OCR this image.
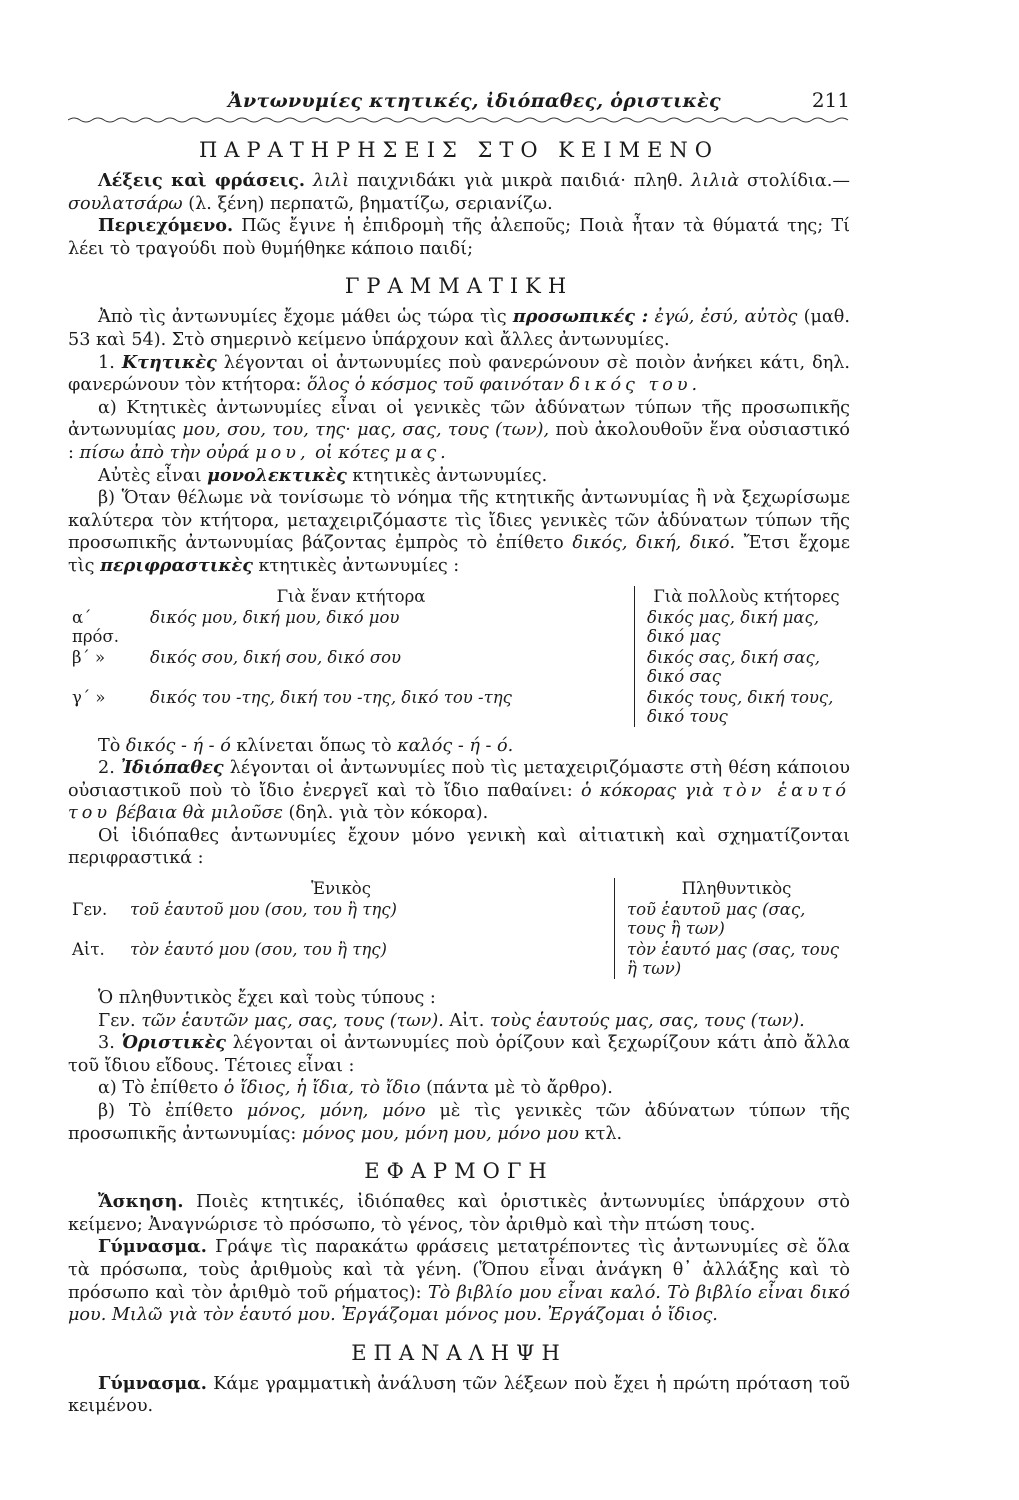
Ἀντωνυμίες κτητικές, ἰδιόπαθες, ὁριστικὲς	211
ΠΑΡΑΤΗΡΗΣΕΙΣ ΣΤΟ ΚΕΙΜΕΝΟ

Λέξεις καὶ φράσεις. λιλὶ παιχνιδάκι γιὰ μικρὰ παιδιά· πληθ. λιλιὰ στολίδια.—σουλατσάρω (λ. ξένη) περπατῶ, βηματίζω, σεριανίζω.

Περιεχόμενο. Πῶς ἔγινε ἡ ἐπιδρομὴ τῆς ἀλεποῦς; Ποιὰ ἦταν τὰ θύματά της; Τί λέει τὸ τραγούδι ποὺ θυμήθηκε κάποιο παιδί;

ΓΡΑΜΜΑΤΙΚΗ

Ἀπὸ τὶς ἀντωνυμίες ἔχομε μάθει ὡς τώρα τὶς προσωπικές : ἐγώ, ἐσύ, αὐτὸς (μαθ. 53 καὶ 54). Στὸ σημερινὸ κείμενο ὑπάρχουν καὶ ἄλλες ἀντωνυμίες.

1. Κτητικὲς λέγονται οἱ ἀντωνυμίες ποὺ φανερώνουν σὲ ποιὸν ἀνήκει κάτι, δηλ. φανερώνουν τὸν κτήτορα: ὅλος ὁ κόσμος τοῦ φαινόταν δικός του.

α) Κτητικὲς ἀντωνυμίες εἶναι οἱ γενικὲς τῶν ἀδύνατων τύπων τῆς προσωπικῆς ἀντωνυμίας μου, σου, του, της· μας, σας, τους (των), ποὺ ἀκολουθοῦν ἕνα οὐσιαστικό : πίσω ἀπὸ τὴν οὐρά μου, οἱ κότες μας.

Αὐτὲς εἶναι μονολεκτικὲς κτητικὲς ἀντωνυμίες.

β) Ὅταν θέλωμε νὰ τονίσωμε τὸ νόημα τῆς κτητικῆς ἀντωνυμίας ἢ νὰ ξεχωρίσωμε καλύτερα τὸν κτήτορα, μεταχειριζόμαστε τὶς ἴδιες γενικὲς τῶν ἀδύνατων τύπων τῆς προσωπικῆς ἀντωνυμίας βάζοντας ἐμπρὸς τὸ ἐπίθετο δικός, δική, δικό. Ἔτσι ἔχομε τὶς περιφραστικὲς κτητικὲς ἀντωνυμίες :

Γιὰ ἕναν κτήτορα		Γιὰ πολλοὺς κτήτορες
α΄ πρόσ.	δικός μου, δική μου, δικό μου	δικός μας, δική μας, δικό μας
β΄ »	δικός σου, δική σου, δικό σου	δικός σας, δική σας, δικό σας
γ΄ »	δικός του -της, δική του -της, δικό του -της	δικός τους, δική τους, δικό τους

Τὸ δικός - ή - ό κλίνεται ὅπως τὸ καλός - ή - ό.

2. Ἰδιόπαθες λέγονται οἱ ἀντωνυμίες ποὺ τὶς μεταχειριζόμαστε στὴ θέση κάποιου οὐσιαστικοῦ ποὺ τὸ ἴδιο ἐνεργεῖ καὶ τὸ ἴδιο παθαίνει: ὁ κόκορας γιὰ τὸν ἑαυτό του βέβαια θὰ μιλοῦσε (δηλ. γιὰ τὸν κόκορα).

Οἱ ἰδιόπαθες ἀντωνυμίες ἔχουν μόνο γενικὴ καὶ αἰτιατικὴ καὶ σχηματίζονται περιφραστικά :

Ἑνικὸς		Πληθυντικὸς
Γεν.	τοῦ ἑαυτοῦ μου (σου, του ἢ της)	τοῦ ἑαυτοῦ μας (σας, τους ἢ των)
Αἰτ.	τὸν ἑαυτό μου (σου, του ἢ της)	τὸν ἑαυτό μας (σας, τους ἢ των)

Ὁ πληθυντικὸς ἔχει καὶ τοὺς τύπους :

Γεν. τῶν ἑαυτῶν μας, σας, τους (των). Αἰτ. τοὺς ἑαυτούς μας, σας, τους (των).

3. Ὁριστικὲς λέγονται οἱ ἀντωνυμίες ποὺ ὁρίζουν καὶ ξεχωρίζουν κάτι ἀπὸ ἄλλα τοῦ ἴδιου εἴδους. Τέτοιες εἶναι :

α) Τὸ ἐπίθετο ὁ ἴδιος, ἡ ἴδια, τὸ ἴδιο (πάντα μὲ τὸ ἄρθρο).

β) Τὸ ἐπίθετο μόνος, μόνη, μόνο μὲ τὶς γενικὲς τῶν ἀδύνατων τύπων τῆς προσωπικῆς ἀντωνυμίας: μόνος μου, μόνη μου, μόνο μου κτλ.

ΕΦΑΡΜΟΓΗ

Ἄσκηση. Ποιὲς κτητικές, ἰδιόπαθες καὶ ὁριστικὲς ἀντωνυμίες ὑπάρχουν στὸ κείμενο; Ἀναγνώρισε τὸ πρόσωπο, τὸ γένος, τὸν ἀριθμὸ καὶ τὴν πτώση τους.

Γύμνασμα. Γράψε τὶς παρακάτω φράσεις μετατρέποντες τὶς ἀντωνυμίες σὲ ὅλα τὰ πρόσωπα, τοὺς ἀριθμοὺς καὶ τὰ γένη. (Ὅπου εἶναι ἀνάγκη θ᾽ ἀλλάξης καὶ τὸ πρόσωπο καὶ τὸν ἀριθμὸ τοῦ ρήματος): Τὸ βιβλίο μου εἶναι καλό. Τὸ βιβλίο εἶναι δικό μου. Μιλῶ γιὰ τὸν ἑαυτό μου. Ἐργάζομαι μόνος μου. Ἐργάζομαι ὁ ἴδιος.

ΕΠΑΝΑΛΗΨΗ

Γύμνασμα. Κάμε γραμματικὴ ἀνάλυση τῶν λέξεων ποὺ ἔχει ἡ πρώτη πρόταση τοῦ κειμένου.
